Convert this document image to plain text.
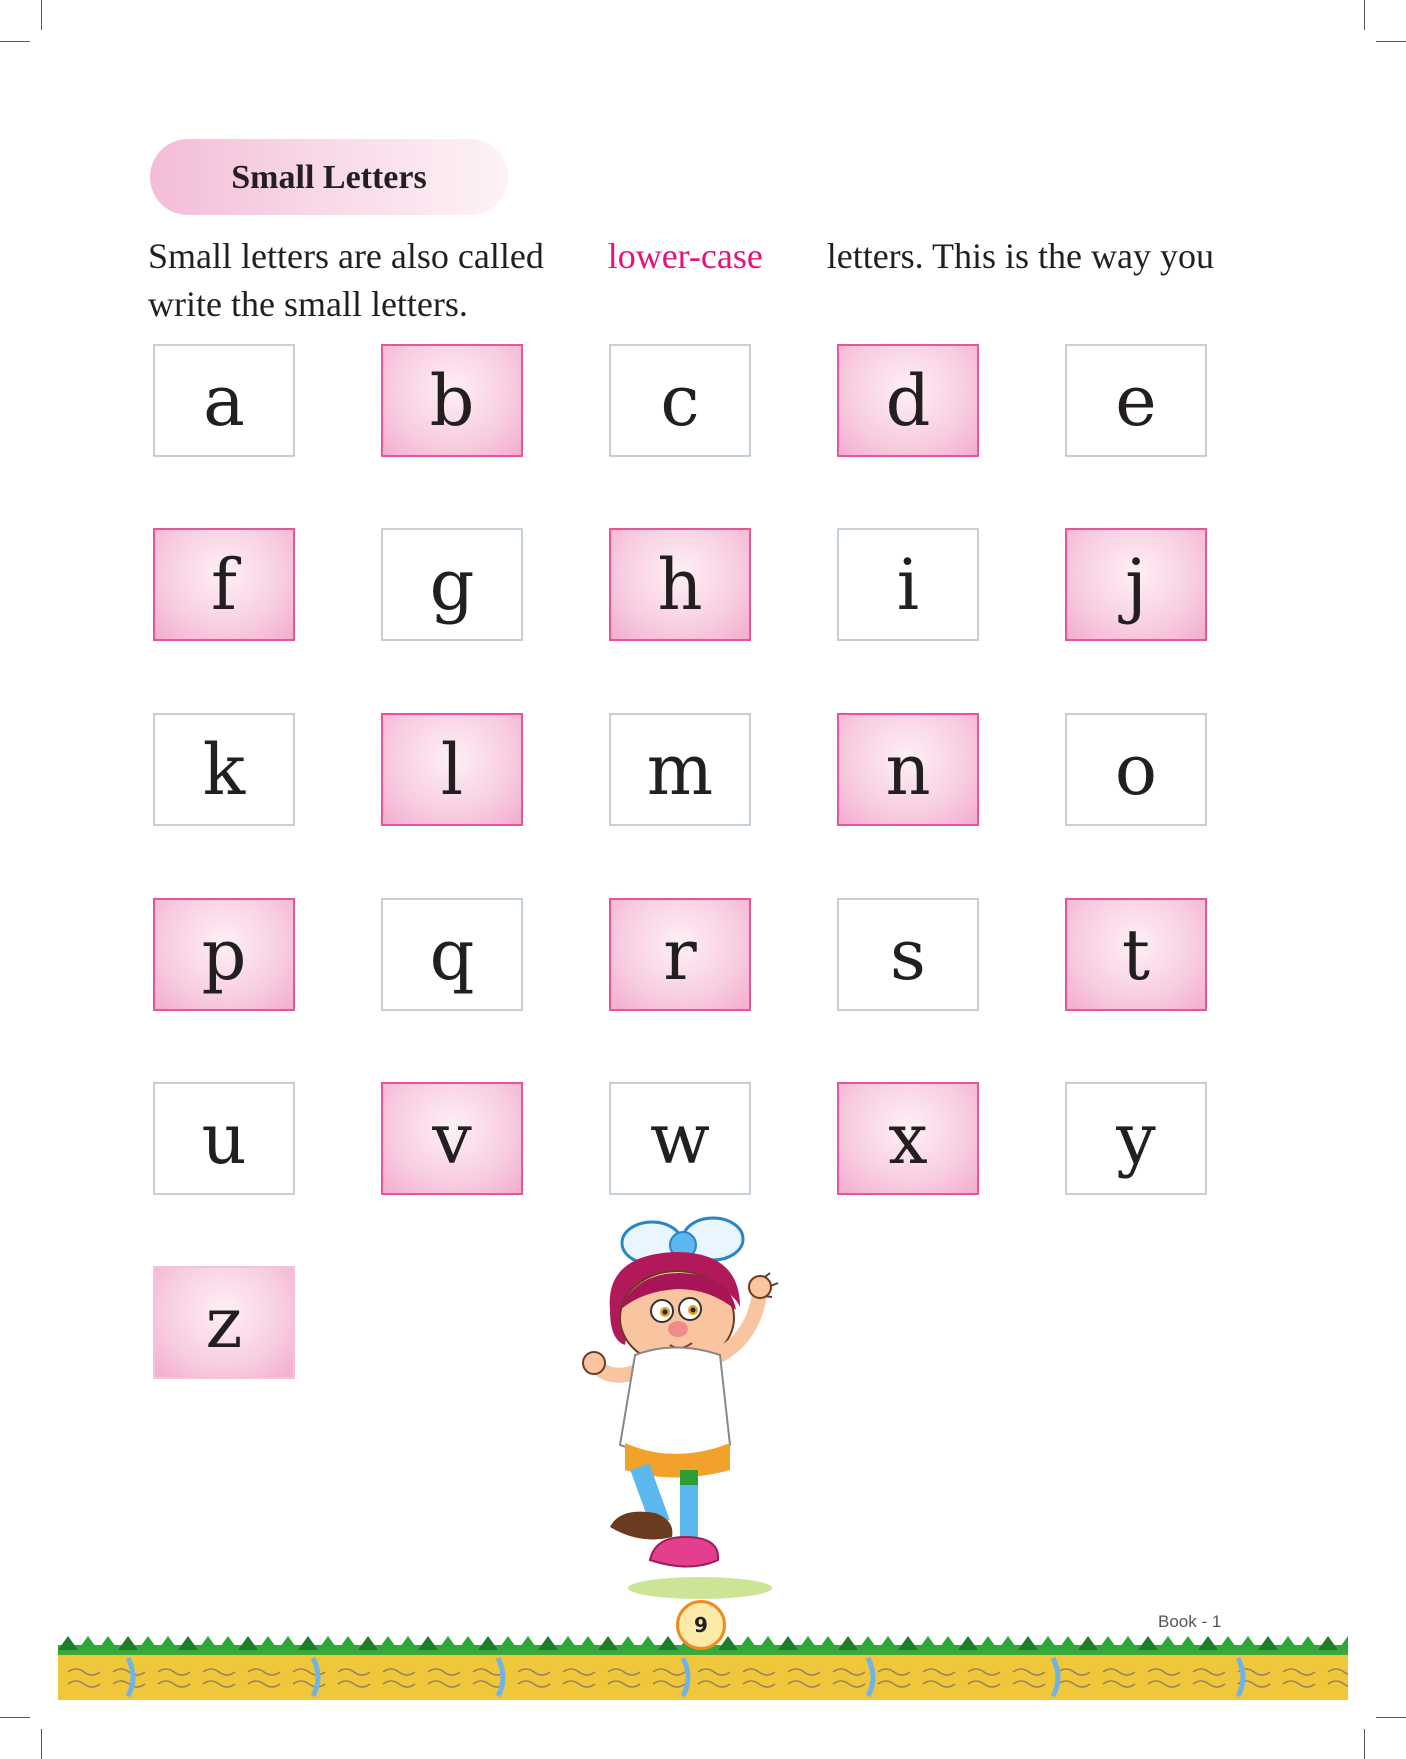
Small Letters
Small letters are also called lower-case letters. This is the way you
write the small letters.
a	b	c	d	e
f	g	h	i	j
k	l	m	n	o
p	q	r	s	t
u	v	w	x	y
z
9	Book - 1
